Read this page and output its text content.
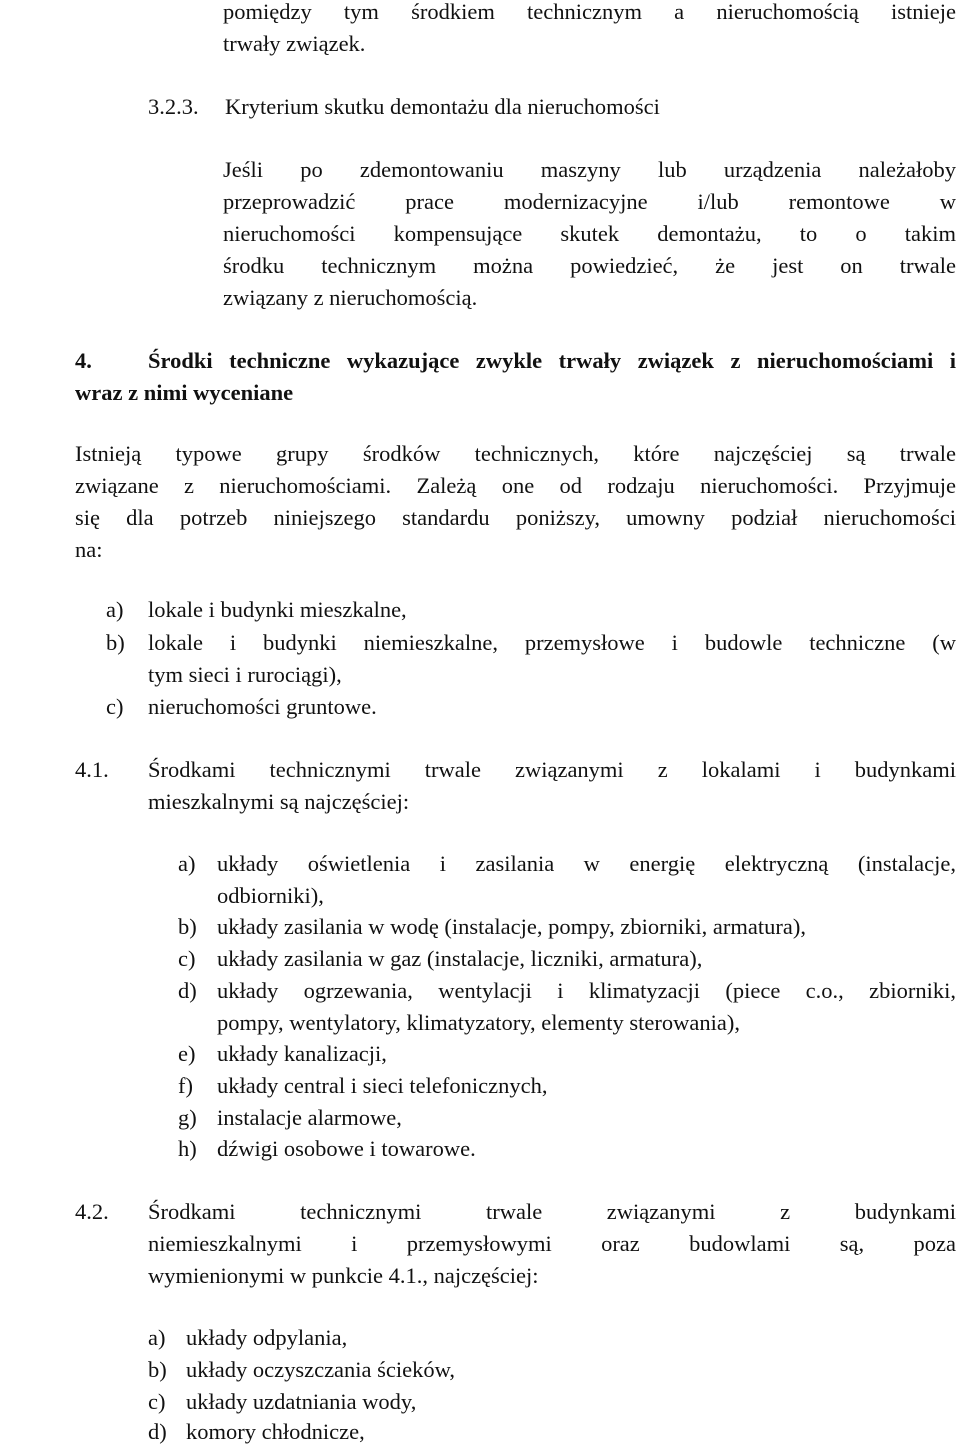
pomiędzy tym środkiem technicznym a nieruchomością istnieje
trwały związek.
3.2.3. Kryterium skutku demontażu dla nieruchomości
Jeśli po zdemontowaniu maszyny lub urządzenia należałoby
przeprowadzić prace modernizacyjne i/lub remontowe w
nieruchomości kompensujące skutek demontażu, to o takim
środku technicznym można powiedzieć, że jest on trwale
związany z nieruchomością.
4.	Środki techniczne wykazujące zwykle trwały związek z nieruchomościami i
wraz z nimi wyceniane
Istnieją typowe grupy środków technicznych, które najczęściej są trwale
związane z nieruchomościami. Zależą one od rodzaju nieruchomości. Przyjmuje
się dla potrzeb niniejszego standardu poniższy, umowny podział nieruchomości
na:
a) lokale i budynki mieszkalne,
b) lokale i budynki niemieszkalne, przemysłowe i budowle techniczne (w
tym sieci i rurociągi),
c) nieruchomości gruntowe.
4.1. Środkami technicznymi trwale związanymi z lokalami i budynkami
mieszkalnymi są najczęściej:
a) układy oświetlenia i zasilania w energię elektryczną (instalacje,
odbiorniki),
b) układy zasilania w wodę (instalacje, pompy, zbiorniki, armatura),
c) układy zasilania w gaz (instalacje, liczniki, armatura),
d) układy ogrzewania, wentylacji i klimatyzacji (piece c.o., zbiorniki,
pompy, wentylatory, klimatyzatory, elementy sterowania),
e) układy kanalizacji,
f) układy central i sieci telefonicznych,
g) instalacje alarmowe,
h) dźwigi osobowe i towarowe.
4.2. Środkami technicznymi trwale związanymi z budynkami
niemieszkalnymi i przemysłowymi oraz budowlami są, poza
wymienionymi w punkcie 4.1., najczęściej:
a) układy odpylania,
b) układy oczyszczania ścieków,
c) układy uzdatniania wody,
d) komory chłodnicze,
